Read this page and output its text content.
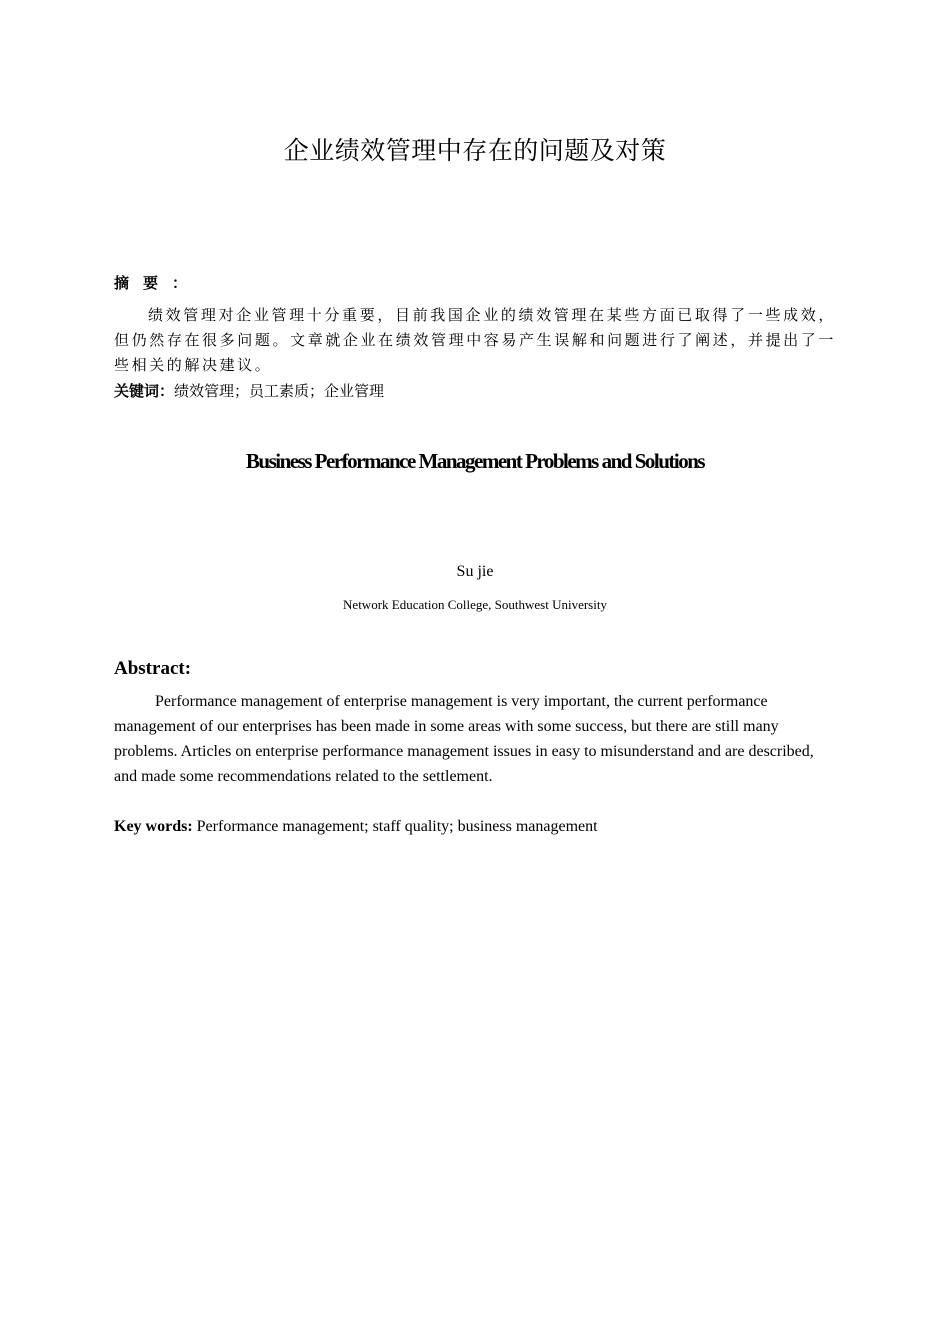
企业绩效管理中存在的问题及对策
摘要：

绩效管理对企业管理十分重要，目前我国企业的绩效管理在某些方面已取得了一些成效，但仍然存在很多问题。文章就企业在绩效管理中容易产生误解和问题进行了阐述，并提出了一些相关的解决建议。

关键词：绩效管理；员工素质；企业管理

Business Performance Management Problems and Solutions
Su jie
Network Education College, Southwest University
Abstract:

Performance management of enterprise management is very important, the current performance management of our enterprises has been made in some areas with some success, but there are still many problems. Articles on enterprise performance management issues in easy to misunderstand and are described, and made some recommendations related to the settlement.

Key words: Performance management; staff quality; business management
